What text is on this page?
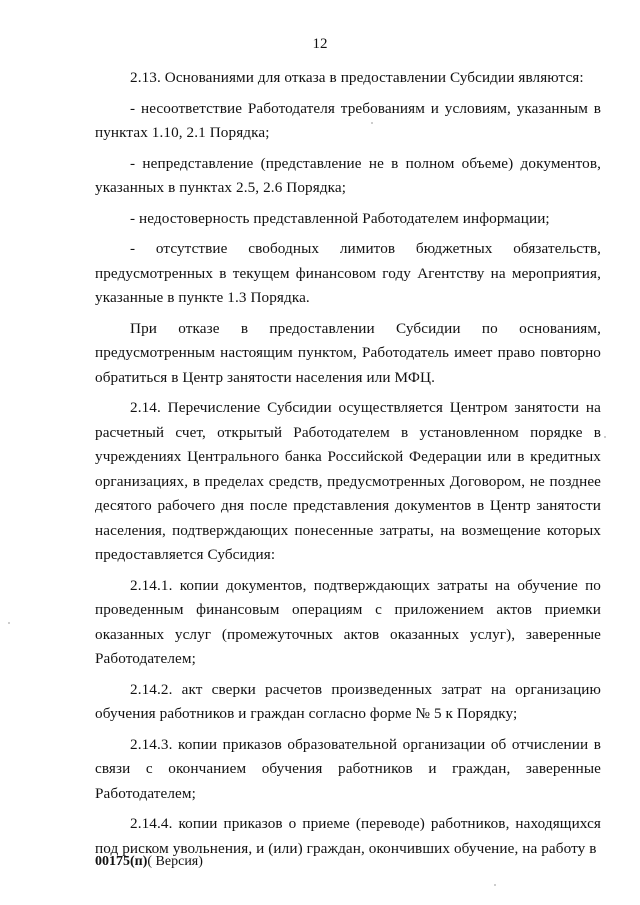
12

2.13. Основаниями для отказа в предоставлении Субсидии являются:

- несоответствие Работодателя требованиям и условиям, указанным в пунктах 1.10, 2.1 Порядка;

- непредставление (представление не в полном объеме) документов, указанных в пунктах 2.5, 2.6 Порядка;

- недостоверность представленной Работодателем информации;

- отсутствие свободных лимитов бюджетных обязательств, предусмотренных в текущем финансовом году Агентству на мероприятия, указанные в пункте 1.3 Порядка.

При отказе в предоставлении Субсидии по основаниям, предусмотренным настоящим пунктом, Работодатель имеет право повторно обратиться в Центр занятости населения или МФЦ.

2.14. Перечисление Субсидии осуществляется Центром занятости на расчетный счет, открытый Работодателем в установленном порядке в учреждениях Центрального банка Российской Федерации или в кредитных организациях, в пределах средств, предусмотренных Договором, не позднее десятого рабочего дня после представления документов в Центр занятости населения, подтверждающих понесенные затраты, на возмещение которых предоставляется Субсидия:

2.14.1. копии документов, подтверждающих затраты на обучение по проведенным финансовым операциям с приложением актов приемки оказанных услуг (промежуточных актов оказанных услуг), заверенные Работодателем;

2.14.2. акт сверки расчетов произведенных затрат на организацию обучения работников и граждан согласно форме № 5 к Порядку;

2.14.3. копии приказов образовательной организации об отчислении в связи с окончанием обучения работников и граждан, заверенные Работодателем;

2.14.4. копии приказов о приеме (переводе) работников, находящихся под риском увольнения, и (или) граждан, окончивших обучение, на работу в

00175(п)( Версия)
